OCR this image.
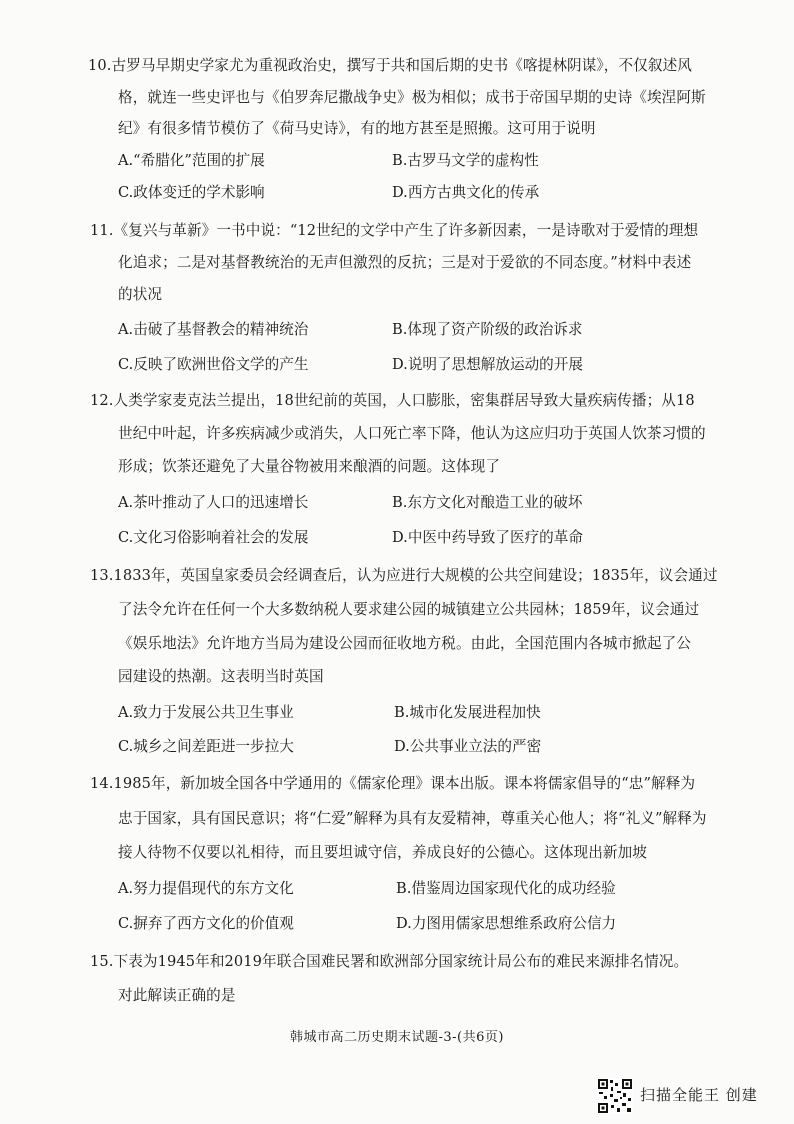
10.古罗马早期史学家尤为重视政治史，撰写于共和国后期的史书《喀提林阴谋》，不仅叙述风
格，就连一些史评也与《伯罗奔尼撒战争史》极为相似；成书于帝国早期的史诗《埃涅阿斯
纪》有很多情节模仿了《荷马史诗》，有的地方甚至是照搬。这可用于说明
A.“希腊化”范围的扩展	B.古罗马文学的虚构性
C.政体变迁的学术影响	D.西方古典文化的传承
11.《复兴与革新》一书中说：“12世纪的文学中产生了许多新因素，一是诗歌对于爱情的理想
化追求；二是对基督教统治的无声但激烈的反抗；三是对于爱欲的不同态度。”材料中表述
的状况
A.击破了基督教会的精神统治	B.体现了资产阶级的政治诉求
C.反映了欧洲世俗文学的产生	D.说明了思想解放运动的开展
12.人类学家麦克法兰提出，18世纪前的英国，人口膨胀，密集群居导致大量疾病传播；从18
世纪中叶起，许多疾病减少或消失，人口死亡率下降，他认为这应归功于英国人饮茶习惯的
形成；饮茶还避免了大量谷物被用来酿酒的问题。这体现了
A.茶叶推动了人口的迅速增长	B.东方文化对酿造工业的破坏
C.文化习俗影响着社会的发展	D.中医中药导致了医疗的革命
13.1833年，英国皇家委员会经调查后，认为应进行大规模的公共空间建设；1835年，议会通过
了法令允许在任何一个大多数纳税人要求建公园的城镇建立公共园林；1859年，议会通过
《娱乐地法》允许地方当局为建设公园而征收地方税。由此，全国范围内各城市掀起了公
园建设的热潮。这表明当时英国
A.致力于发展公共卫生事业	B.城市化发展进程加快
C.城乡之间差距进一步拉大	D.公共事业立法的严密
14.1985年，新加坡全国各中学通用的《儒家伦理》课本出版。课本将儒家倡导的“忠”解释为
忠于国家，具有国民意识；将“仁爱”解释为具有友爱精神，尊重关心他人；将“礼义”解释为
接人待物不仅要以礼相待，而且要坦诚守信，养成良好的公德心。这体现出新加坡
A.努力提倡现代的东方文化	B.借鉴周边国家现代化的成功经验
C.摒弃了西方文化的价值观	D.力图用儒家思想维系政府公信力
15.下表为1945年和2019年联合国难民署和欧洲部分国家统计局公布的难民来源排名情况。
对此解读正确的是
韩城市高二历史期末试题-3-(共6页)
扫描全能王 创建
